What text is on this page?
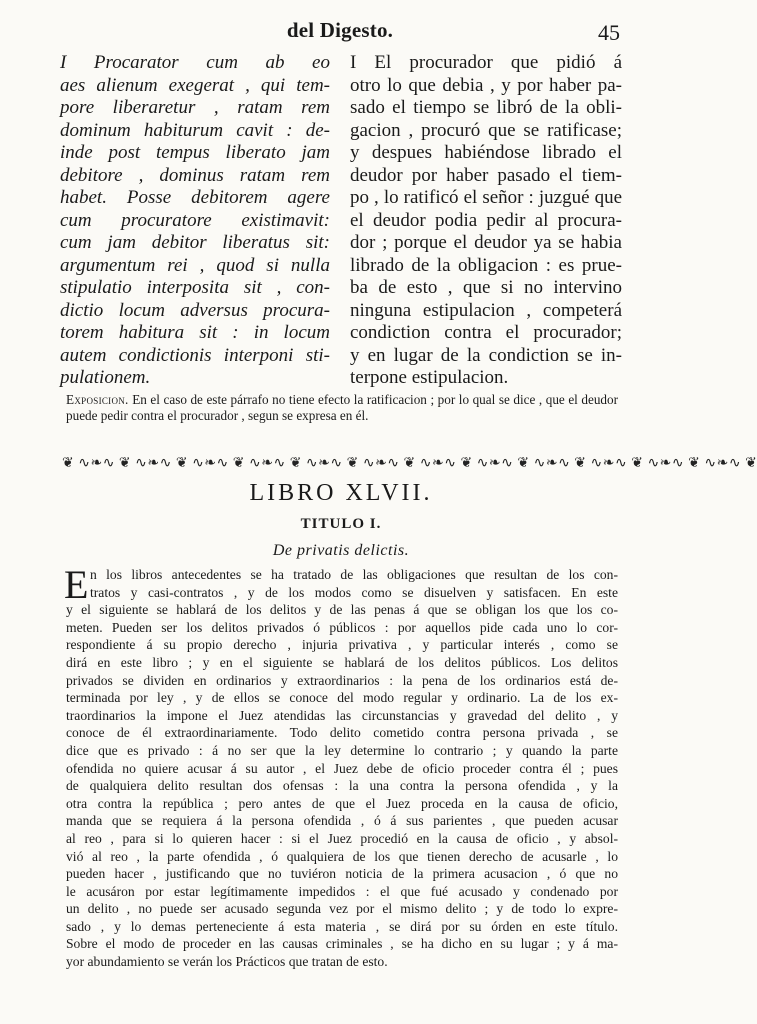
del Digesto.	45
I Procarator cum ab eo
aes alienum exegerat , qui tem-
pore liberaretur , ratam rem
dominum habiturum cavit : de-
inde post tempus liberato jam
debitore , dominus ratam rem
habet. Posse debitorem agere
cum procuratore existimavit:
cum jam debitor liberatus sit:
argumentum rei , quod si nulla
stipulatio interposita sit , con-
dictio locum adversus procura-
torem habitura sit : in locum
autem condictionis interponi sti-
pulationem.
I El procurador que pidió á
otro lo que debia , y por haber pa-
sado el tiempo se libró de la obli-
gacion , procuró que se ratificase;
y despues habiéndose librado el
deudor por haber pasado el tiem-
po , lo ratificó el señor : juzgué que
el deudor podia pedir al procura-
dor ; porque el deudor ya se habia
librado de la obligacion : es prue-
ba de esto , que si no intervino
ninguna estipulacion , competerá
condiction contra el procurador;
y en lugar de la condiction se in-
terpone estipulacion.
Exposicion. En el caso de este párrafo no tiene efecto la ratificacion ; por lo qual se dice , que el deudor puede pedir contra el procurador , segun se expresa en él.
❦ ∿❧∿ ❦ ∿❧∿ ❦ ∿❧∿ ❦ ∿❧∿ ❦ ∿❧∿ ❦ ∿❧∿ ❦ ∿❧∿ ❦ ∿❧∿ ❦ ∿❧∿ ❦ ∿❧∿ ❦ ∿❧∿ ❦ ∿❧∿ ❦
LIBRO XLVII.
TITULO I.
De privatis delictis.
E n los libros antecedentes se ha tratado de las obligaciones que resultan de los con-
tratos y casi-contratos , y de los modos como se disuelven y satisfacen. En este
y el siguiente se hablará de los delitos y de las penas á que se obligan los que los co-
meten. Pueden ser los delitos privados ó públicos : por aquellos pide cada uno lo cor-
respondiente á su propio derecho , injuria privativa , y particular interés , como se
dirá en este libro ; y en el siguiente se hablará de los delitos públicos. Los delitos
privados se dividen en ordinarios y extraordinarios : la pena de los ordinarios está de-
terminada por ley , y de ellos se conoce del modo regular y ordinario. La de los ex-
traordinarios la impone el Juez atendidas las circunstancias y gravedad del delito , y
conoce de él extraordinariamente. Todo delito cometido contra persona privada , se
dice que es privado : á no ser que la ley determine lo contrario ; y quando la parte
ofendida no quiere acusar á su autor , el Juez debe de oficio proceder contra él ; pues
de qualquiera delito resultan dos ofensas : la una contra la persona ofendida , y la
otra contra la república ; pero antes de que el Juez proceda en la causa de oficio,
manda que se requiera á la persona ofendida , ó á sus parientes , que pueden acusar
al reo , para si lo quieren hacer : si el Juez procedió en la causa de oficio , y absol-
vió al reo , la parte ofendida , ó qualquiera de los que tienen derecho de acusarle , lo
pueden hacer , justificando que no tuviéron noticia de la primera acusacion , ó que no
le acusáron por estar legítimamente impedidos : el que fué acusado y condenado por
un delito , no puede ser acusado segunda vez por el mismo delito ; y de todo lo expre-
sado , y lo demas perteneciente á esta materia , se dirá por su órden en este título.
Sobre el modo de proceder en las causas criminales , se ha dicho en su lugar ; y á ma-
yor abundamiento se verán los Prácticos que tratan de esto.
